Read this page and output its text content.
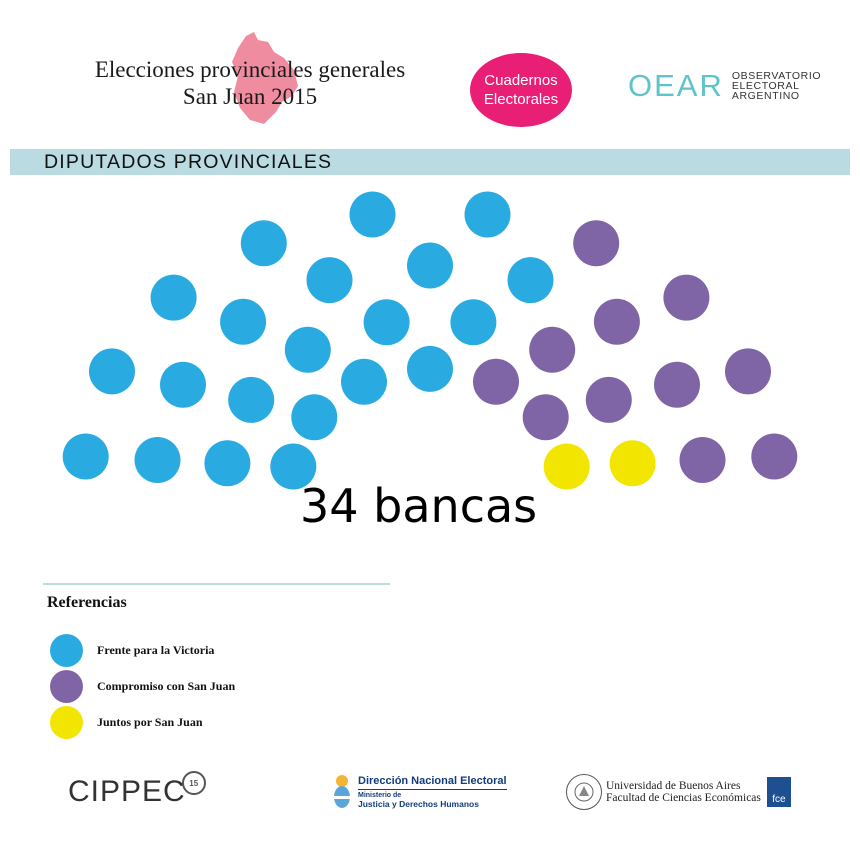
Elecciones provinciales generales
San Juan 2015
Cuadernos
Electorales OEAR OBSERVATORIO
ELECTORAL
ARGENTINO
DIPUTADOS PROVINCIALES
34 bancas
Referencias
Frente para la Victoria
Compromiso con San Juan
Juntos por San Juan
CIPPEC 15	Dirección Nacional Electoral
Ministerio de
Justicia y Derechos Humanos
Universidad de Buenos Aires
Facultad de Ciencias Económicas	fce
